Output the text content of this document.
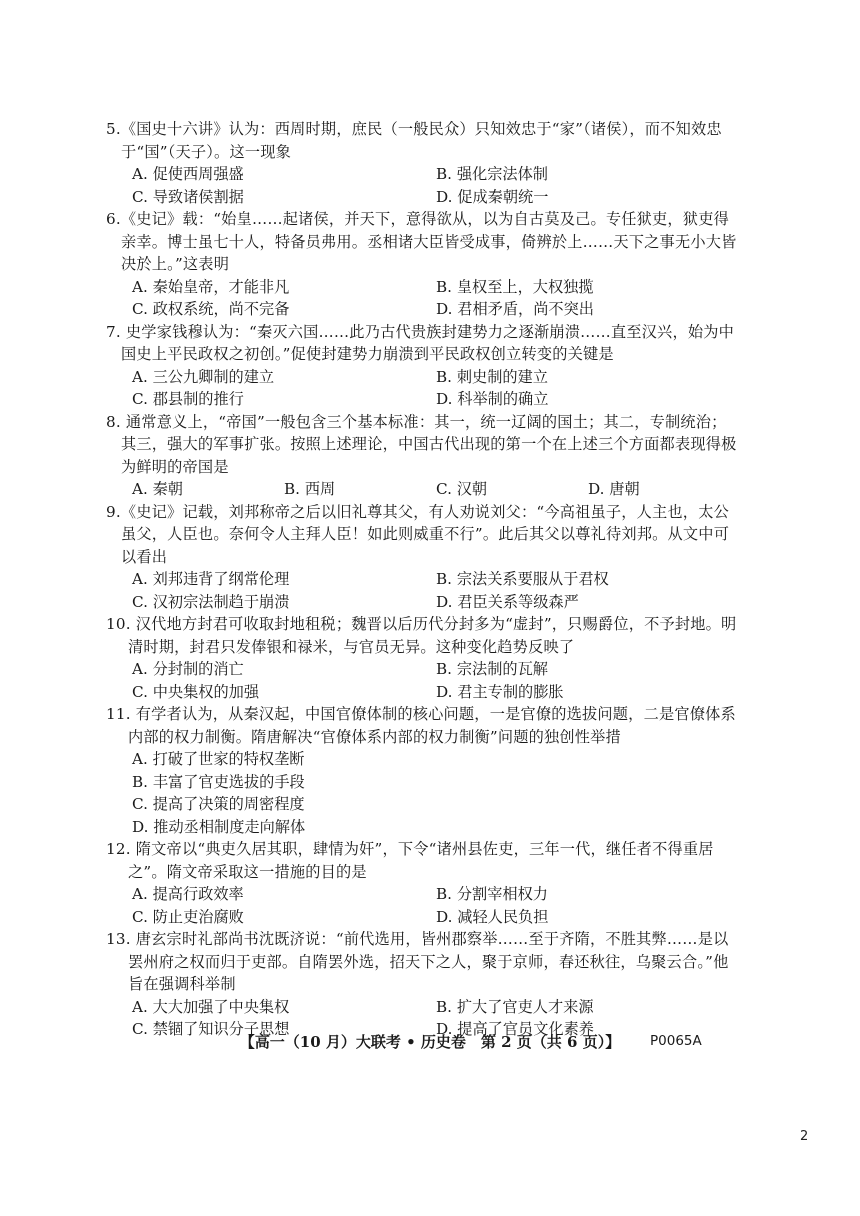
5.《国史十六讲》认为：西周时期，庶民（一般民众）只知效忠于“家”（诸侯），而不知效忠于“国”（天子）。这一现象
A. 促使西周强盛	B. 强化宗法体制
C. 导致诸侯割据	D. 促成秦朝统一
6.《史记》载：“始皇……起诸侯，并天下，意得欲从，以为自古莫及己。专任狱吏，狱吏得亲幸。博士虽七十人，特备员弗用。丞相诸大臣皆受成事，倚辨於上……天下之事无小大皆决於上。”这表明
A. 秦始皇帝，才能非凡	B. 皇权至上，大权独揽
C. 政权系统，尚不完备	D. 君相矛盾，尚不突出
7. 史学家钱穆认为：“秦灭六国……此乃古代贵族封建势力之逐渐崩溃……直至汉兴，始为中国史上平民政权之初创。”促使封建势力崩溃到平民政权创立转变的关键是
A. 三公九卿制的建立	B. 刺史制的建立
C. 郡县制的推行	D. 科举制的确立
8. 通常意义上，“帝国”一般包含三个基本标准：其一，统一辽阔的国土；其二，专制统治；其三，强大的军事扩张。按照上述理论，中国古代出现的第一个在上述三个方面都表现得极为鲜明的帝国是
A. 秦朝	B. 西周	C. 汉朝	D. 唐朝
9.《史记》记载，刘邦称帝之后以旧礼尊其父，有人劝说刘父：“今高祖虽子，人主也，太公虽父，人臣也。奈何令人主拜人臣！如此则威重不行”。此后其父以尊礼待刘邦。从文中可以看出
A. 刘邦违背了纲常伦理	B. 宗法关系要服从于君权
C. 汉初宗法制趋于崩溃	D. 君臣关系等级森严
10. 汉代地方封君可收取封地租税；魏晋以后历代分封多为“虚封”，只赐爵位，不予封地。明清时期，封君只发俸银和禄米，与官员无异。这种变化趋势反映了
A. 分封制的消亡	B. 宗法制的瓦解
C. 中央集权的加强	D. 君主专制的膨胀
11. 有学者认为，从秦汉起，中国官僚体制的核心问题，一是官僚的选拔问题，二是官僚体系内部的权力制衡。隋唐解决“官僚体系内部的权力制衡”问题的独创性举措
A. 打破了世家的特权垄断
B. 丰富了官吏选拔的手段
C. 提高了决策的周密程度
D. 推动丞相制度走向解体
12. 隋文帝以“典吏久居其职，肆情为奸”，下令“诸州县佐吏，三年一代，继任者不得重居之”。隋文帝采取这一措施的目的是
A. 提高行政效率	B. 分割宰相权力
C. 防止吏治腐败	D. 减轻人民负担
13. 唐玄宗时礼部尚书沈既济说：“前代选用，皆州郡察举……至于齐隋，不胜其弊……是以罢州府之权而归于吏部。自隋罢外选，招天下之人，聚于京师，春还秋往，乌聚云合。”他旨在强调科举制
A. 大大加强了中央集权	B. 扩大了官吏人才来源
C. 禁锢了知识分子思想	D. 提高了官员文化素养
【高一（10 月）大联考 • 历史卷　第 2 页（共 6 页）】	P0065A
2
